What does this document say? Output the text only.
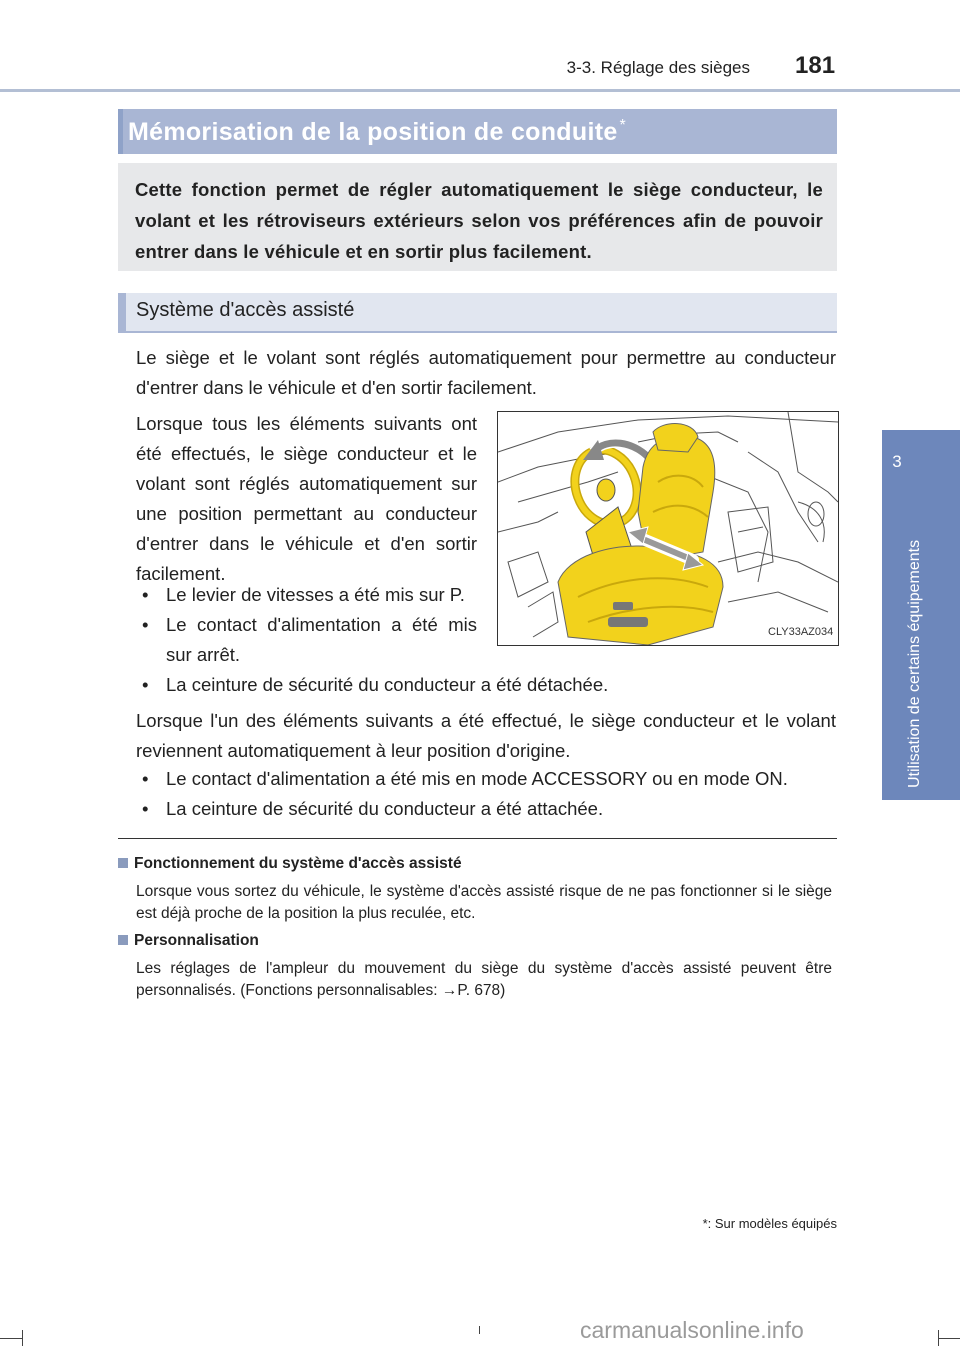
3-3. Réglage des sièges 181
3
Utilisation de certains équipements
Mémorisation de la position de conduite *
Cette fonction permet de régler automatiquement le siège conducteur, le volant et les rétroviseurs extérieurs selon vos préférences afin de pouvoir entrer dans le véhicule et en sortir plus facilement.
Système d'accès assisté
Le siège et le volant sont réglés automatiquement pour permettre au conducteur d'entrer dans le véhicule et d'en sortir facilement.
Lorsque tous les éléments suivants ont été effectués, le siège conducteur et le volant sont réglés automatiquement sur une position permettant au conducteur d'entrer dans le véhicule et d'en sortir facilement.
• Le levier de vitesses a été mis sur P.
• Le contact d'alimentation a été mis sur arrêt.
• La ceinture de sécurité du conducteur a été détachée.
Lorsque l'un des éléments suivants a été effectué, le siège conducteur et le volant reviennent automatiquement à leur position d'origine.
• Le contact d'alimentation a été mis en mode ACCESSORY ou en mode ON.
• La ceinture de sécurité du conducteur a été attachée.
CLY33AZ034
Fonctionnement du système d'accès assisté
Lorsque vous sortez du véhicule, le système d'accès assisté risque de ne pas fonctionner si le siège est déjà proche de la position la plus reculée, etc.
Personnalisation
Les réglages de l'ampleur du mouvement du siège du système d'accès assisté peuvent être personnalisés. (Fonctions personnalisables: →P. 678)
*: Sur modèles équipés
carmanualsonline.info
